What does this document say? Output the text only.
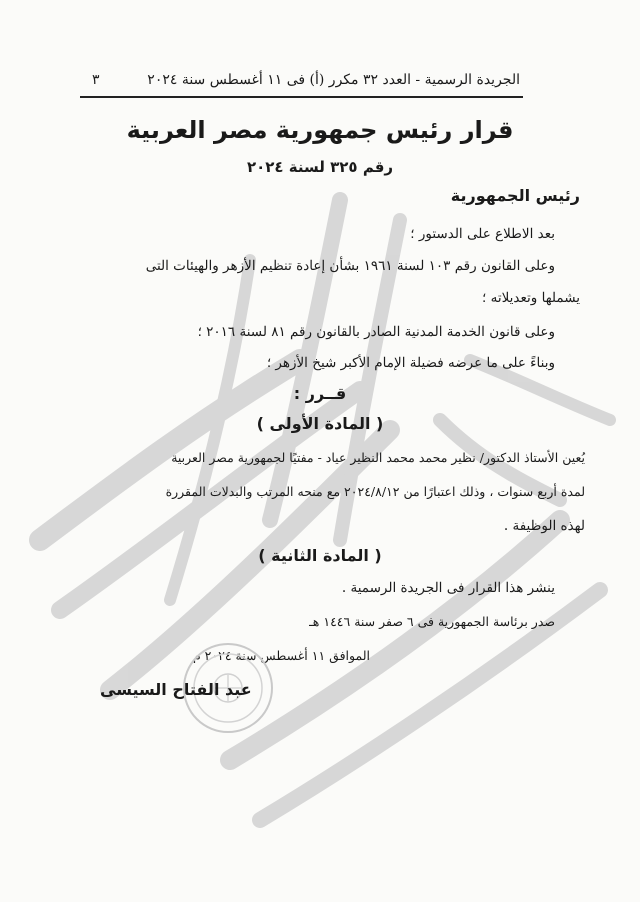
الجريدة الرسمية - العدد ٣٢ مكرر (أ) فى ١١ أغسطس سنة ٢٠٢٤
٣
قرار رئيس جمهورية مصر العربية
رقم ٣٢٥ لسنة ٢٠٢٤
رئيس الجمهورية
بعد الاطلاع على الدستور ؛
وعلى القانون رقم ١٠٣ لسنة ١٩٦١ بشأن إعادة تنظيم الأزهر والهيئات التى
يشملها وتعديلاته ؛
وعلى قانون الخدمة المدنية الصادر بالقانون رقم ٨١ لسنة ٢٠١٦ ؛
وبناءً على ما عرضه فضيلة الإمام الأكبر شيخ الأزهر ؛
قــرر :
( المادة الأولى )
يُعين الأستاذ الدكتور/ نظير محمد محمد النظير عياد - مفتيًا لجمهورية مصر العربية
لمدة أربع سنوات ، وذلك اعتبارًا من ٢٠٢٤/٨/١٢ مع منحه المرتب والبدلات المقررة
لهذه الوظيفة .
( المادة الثانية )
ينشر هذا القرار فى الجريدة الرسمية .
صدر برئاسة الجمهورية فى ٦ صفر سنة ١٤٤٦ هـ
الموافق ١١ أغسطس سنة ٢٠٢٤ م
عبد الفتاح السيسى
